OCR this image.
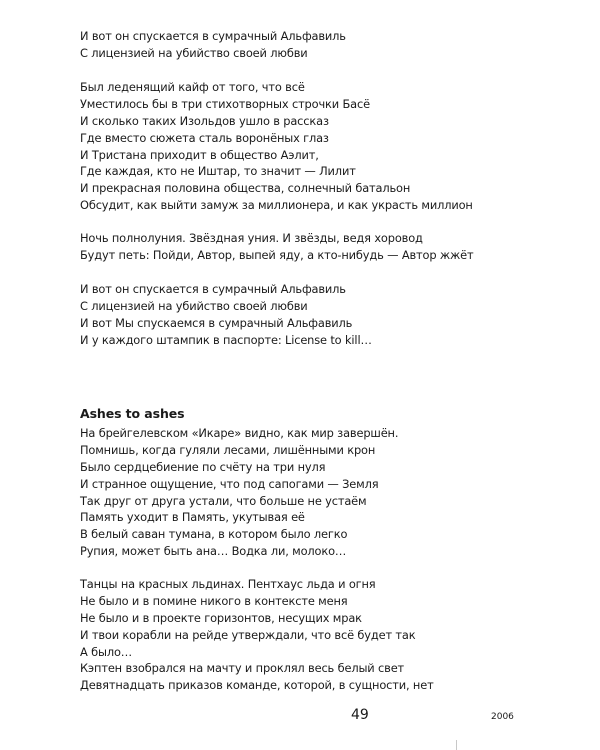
И вот он спускается в сумрачный Альфавиль
С лицензией на убийство своей любви
Был леденящий кайф от того, что всё
Уместилось бы в три стихотворных строчки Басё
И сколько таких Изольдов ушло в рассказ
Где вместо сюжета сталь воронёных глаз
И Тристана приходит в общество Аэлит,
Где каждая, кто не Иштар, то значит — Лилит
И прекрасная половина общества, солнечный батальон
Обсудит, как выйти замуж за миллионера, и как украсть миллион
Ночь полнолуния. Звёздная уния. И звёзды, ведя хоровод
Будут петь: Пойди, Автор, выпей яду, а кто-нибудь — Автор жжёт
И вот он спускается в сумрачный Альфавиль
С лицензией на убийство своей любви
И вот Мы спускаемся в сумрачный Альфавиль
И у каждого штампик в паспорте: License to kill…
Ashes to ashes
На брейгелевском «Икаре» видно, как мир завершён.
Помнишь, когда гуляли лесами, лишёнными крон
Было сердцебиение по счёту на три нуля
И странное ощущение, что под сапогами — Земля
Так друг от друга устали, что больше не устаём
Память уходит в Память, укутывая её
В белый саван тумана, в котором было легко
Рупия, может быть ана… Водка ли, молоко…
Танцы на красных льдинах. Пентхаус льда и огня
Не было и в помине никого в контексте меня
Не было и в проекте горизонтов, несущих мрак
И твои корабли на рейде утверждали, что всё будет так
А было…
Кэптен взобрался на мачту и проклял весь белый свет
Девятнадцать приказов команде, которой, в сущности, нет
49	2006
